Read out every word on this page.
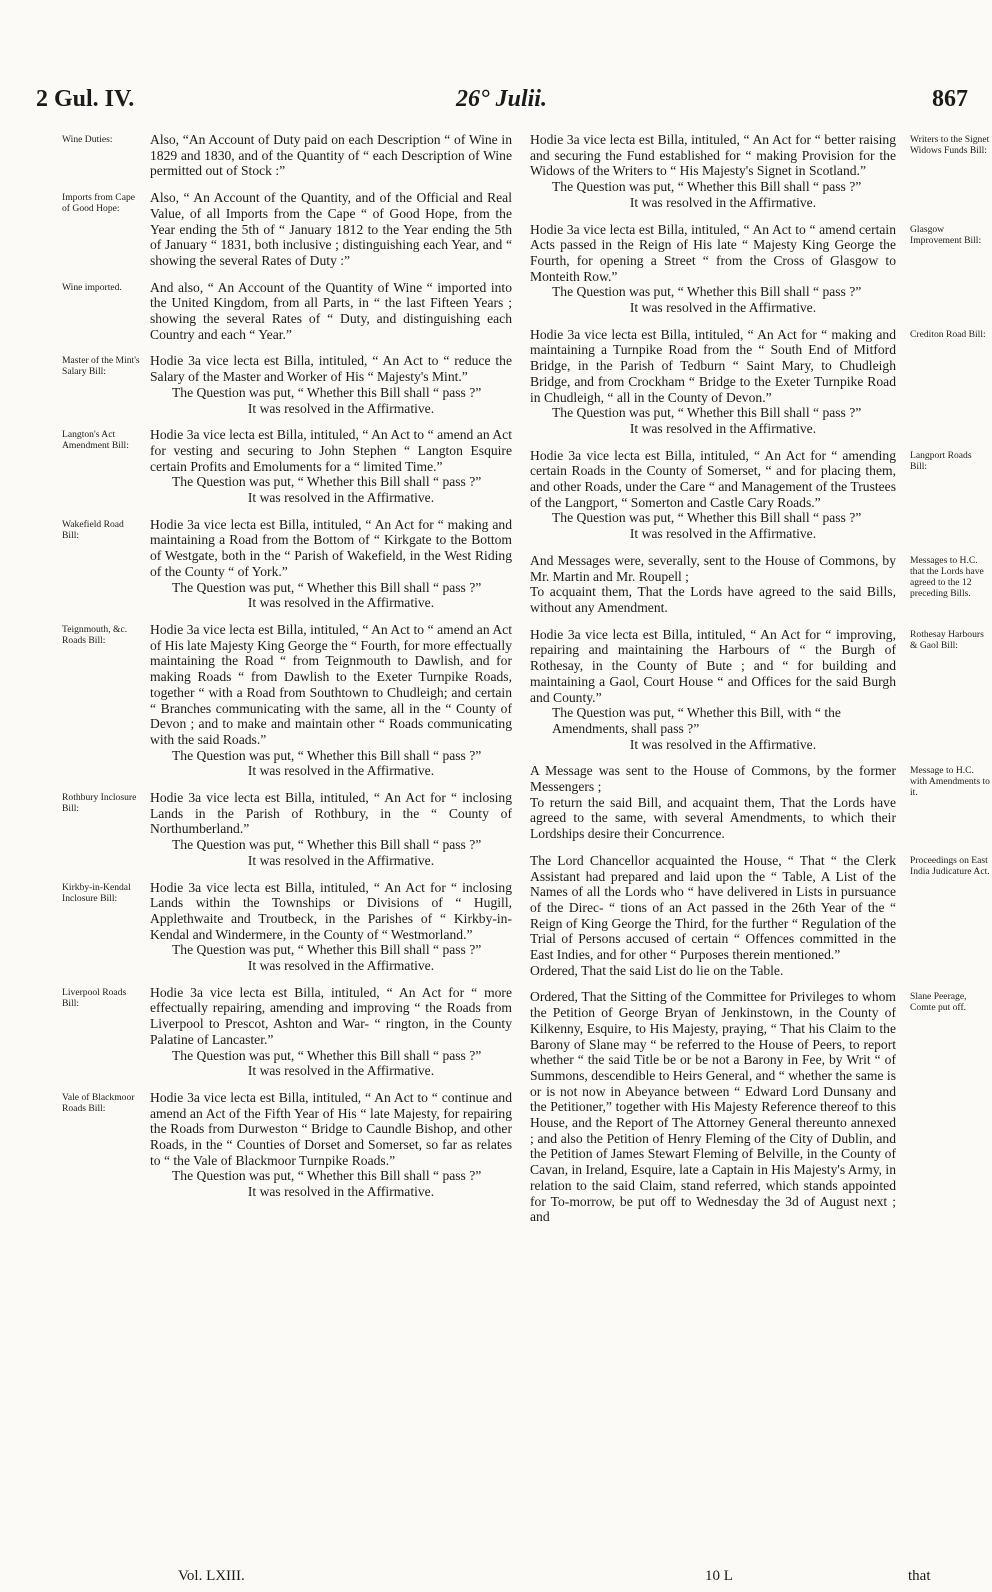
2 Gul. IV.	26° Julii.	867
Wine Duties:	Also, “An Account of Duty paid on each Description “ of Wine in 1829 and 1830, and of the Quantity of “ each Description of Wine permitted out of Stock :”

Imports from Cape of Good Hope:

Also, “ An Account of the Quantity, and of the Official and Real Value, of all Imports from the Cape “ of Good Hope, from the Year ending the 5th of “ January 1812 to the Year ending the 5th of January “ 1831, both inclusive ; distinguishing each Year, and “ showing the several Rates of Duty :”

Wine imported.	And also, “ An Account of the Quantity of Wine “ imported into the United Kingdom, from all Parts, in “ the last Fifteen Years ; showing the several Rates of “ Duty, and distinguishing each Country and each “ Year.”

Master of the Mint's Salary Bill:

Hodie 3a vice lecta est Billa, intituled, “ An Act to “ reduce the Salary of the Master and Worker of His “ Majesty's Mint.”

The Question was put, “ Whether this Bill shall “ pass ?”

It was resolved in the Affirmative.

Langton's Act Amendment Bill:

Hodie 3a vice lecta est Billa, intituled, “ An Act to “ amend an Act for vesting and securing to John Stephen “ Langton Esquire certain Profits and Emoluments for a “ limited Time.”

The Question was put, “ Whether this Bill shall “ pass ?”

It was resolved in the Affirmative.

Wakefield Road Bill:

Hodie 3a vice lecta est Billa, intituled, “ An Act for “ making and maintaining a Road from the Bottom of “ Kirkgate to the Bottom of Westgate, both in the “ Parish of Wakefield, in the West Riding of the County “ of York.”

The Question was put, “ Whether this Bill shall “ pass ?”

It was resolved in the Affirmative.

Teignmouth, &c. Roads Bill:

Hodie 3a vice lecta est Billa, intituled, “ An Act to “ amend an Act of His late Majesty King George the “ Fourth, for more effectually maintaining the Road “ from Teignmouth to Dawlish, and for making Roads “ from Dawlish to the Exeter Turnpike Roads, together “ with a Road from Southtown to Chudleigh; and certain “ Branches communicating with the same, all in the “ County of Devon ; and to make and maintain other “ Roads communicating with the said Roads.”

The Question was put, “ Whether this Bill shall “ pass ?”

It was resolved in the Affirmative.

Rothbury Inclosure Bill:

Hodie 3a vice lecta est Billa, intituled, “ An Act for “ inclosing Lands in the Parish of Rothbury, in the “ County of Northumberland.”

The Question was put, “ Whether this Bill shall “ pass ?”

It was resolved in the Affirmative.

Kirkby-in-Kendal Inclosure Bill:

Hodie 3a vice lecta est Billa, intituled, “ An Act for “ inclosing Lands within the Townships or Divisions of “ Hugill, Applethwaite and Troutbeck, in the Parishes of “ Kirkby-in-Kendal and Windermere, in the County of “ Westmorland.”

The Question was put, “ Whether this Bill shall “ pass ?”

It was resolved in the Affirmative.

Liverpool Roads Bill:

Hodie 3a vice lecta est Billa, intituled, “ An Act for “ more effectually repairing, amending and improving “ the Roads from Liverpool to Prescot, Ashton and War- “ rington, in the County Palatine of Lancaster.”

The Question was put, “ Whether this Bill shall “ pass ?”

It was resolved in the Affirmative.

Vale of Blackmoor Roads Bill:

Hodie 3a vice lecta est Billa, intituled, “ An Act to “ continue and amend an Act of the Fifth Year of His “ late Majesty, for repairing the Roads from Durweston “ Bridge to Caundle Bishop, and other Roads, in the “ Counties of Dorset and Somerset, so far as relates to “ the Vale of Blackmoor Turnpike Roads.”

The Question was put, “ Whether this Bill shall “ pass ?”

It was resolved in the Affirmative.

Writers to the Signet Widows Funds Bill:

Hodie 3a vice lecta est Billa, intituled, “ An Act for “ better raising and securing the Fund established for “ making Provision for the Widows of the Writers to “ His Majesty's Signet in Scotland.”

The Question was put, “ Whether this Bill shall “ pass ?”

It was resolved in the Affirmative.

Glasgow Improvement Bill:

Hodie 3a vice lecta est Billa, intituled, “ An Act to “ amend certain Acts passed in the Reign of His late “ Majesty King George the Fourth, for opening a Street “ from the Cross of Glasgow to Monteith Row.”

The Question was put, “ Whether this Bill shall “ pass ?”

It was resolved in the Affirmative.

Crediton Road Bill:

Hodie 3a vice lecta est Billa, intituled, “ An Act for “ making and maintaining a Turnpike Road from the “ South End of Mitford Bridge, in the Parish of Tedburn “ Saint Mary, to Chudleigh Bridge, and from Crockham “ Bridge to the Exeter Turnpike Road in Chudleigh, “ all in the County of Devon.”

The Question was put, “ Whether this Bill shall “ pass ?”

It was resolved in the Affirmative.

Langport Roads Bill:

Hodie 3a vice lecta est Billa, intituled, “ An Act for “ amending certain Roads in the County of Somerset, “ and for placing them, and other Roads, under the Care “ and Management of the Trustees of the Langport, “ Somerton and Castle Cary Roads.”

The Question was put, “ Whether this Bill shall “ pass ?”

It was resolved in the Affirmative.

Messages to H.C. that the Lords have agreed to the 12 preceding Bills.

And Messages were, severally, sent to the House of Commons, by Mr. Martin and Mr. Roupell ;

To acquaint them, That the Lords have agreed to the said Bills, without any Amendment.

Rothesay Harbours & Gaol Bill:

Hodie 3a vice lecta est Billa, intituled, “ An Act for “ improving, repairing and maintaining the Harbours of “ the Burgh of Rothesay, in the County of Bute ; and “ for building and maintaining a Gaol, Court House “ and Offices for the said Burgh and County.”

The Question was put, “ Whether this Bill, with “ the Amendments, shall pass ?”

It was resolved in the Affirmative.

Message to H.C. with Amendments to it.

A Message was sent to the House of Commons, by the former Messengers ;

To return the said Bill, and acquaint them, That the Lords have agreed to the same, with several Amendments, to which their Lordships desire their Concurrence.

Proceedings on East India Judicature Act.

The Lord Chancellor acquainted the House, “ That “ the Clerk Assistant had prepared and laid upon the “ Table, A List of the Names of all the Lords who “ have delivered in Lists in pursuance of the Direc- “ tions of an Act passed in the 26th Year of the “ Reign of King George the Third, for the further “ Regulation of the Trial of Persons accused of certain “ Offences committed in the East Indies, and for other “ Purposes therein mentioned.”

Ordered, That the said List do lie on the Table.

Slane Peerage, Comte put off.

Ordered, That the Sitting of the Committee for Privileges to whom the Petition of George Bryan of Jenkinstown, in the County of Kilkenny, Esquire, to His Majesty, praying, “ That his Claim to the Barony of Slane may “ be referred to the House of Peers, to report whether “ the said Title be or be not a Barony in Fee, by Writ “ of Summons, descendible to Heirs General, and “ whether the same is or is not now in Abeyance between “ Edward Lord Dunsany and the Petitioner,” together with His Majesty Reference thereof to this House, and the Report of The Attorney General thereunto annexed ; and also the Petition of Henry Fleming of the City of Dublin, and the Petition of James Stewart Fleming of Belville, in the County of Cavan, in Ireland, Esquire, late a Captain in His Majesty's Army, in relation to the said Claim, stand referred, which stands appointed for To-morrow, be put off to Wednesday the 3d of August next ; and

Vol. LXIII.	10 L	that
